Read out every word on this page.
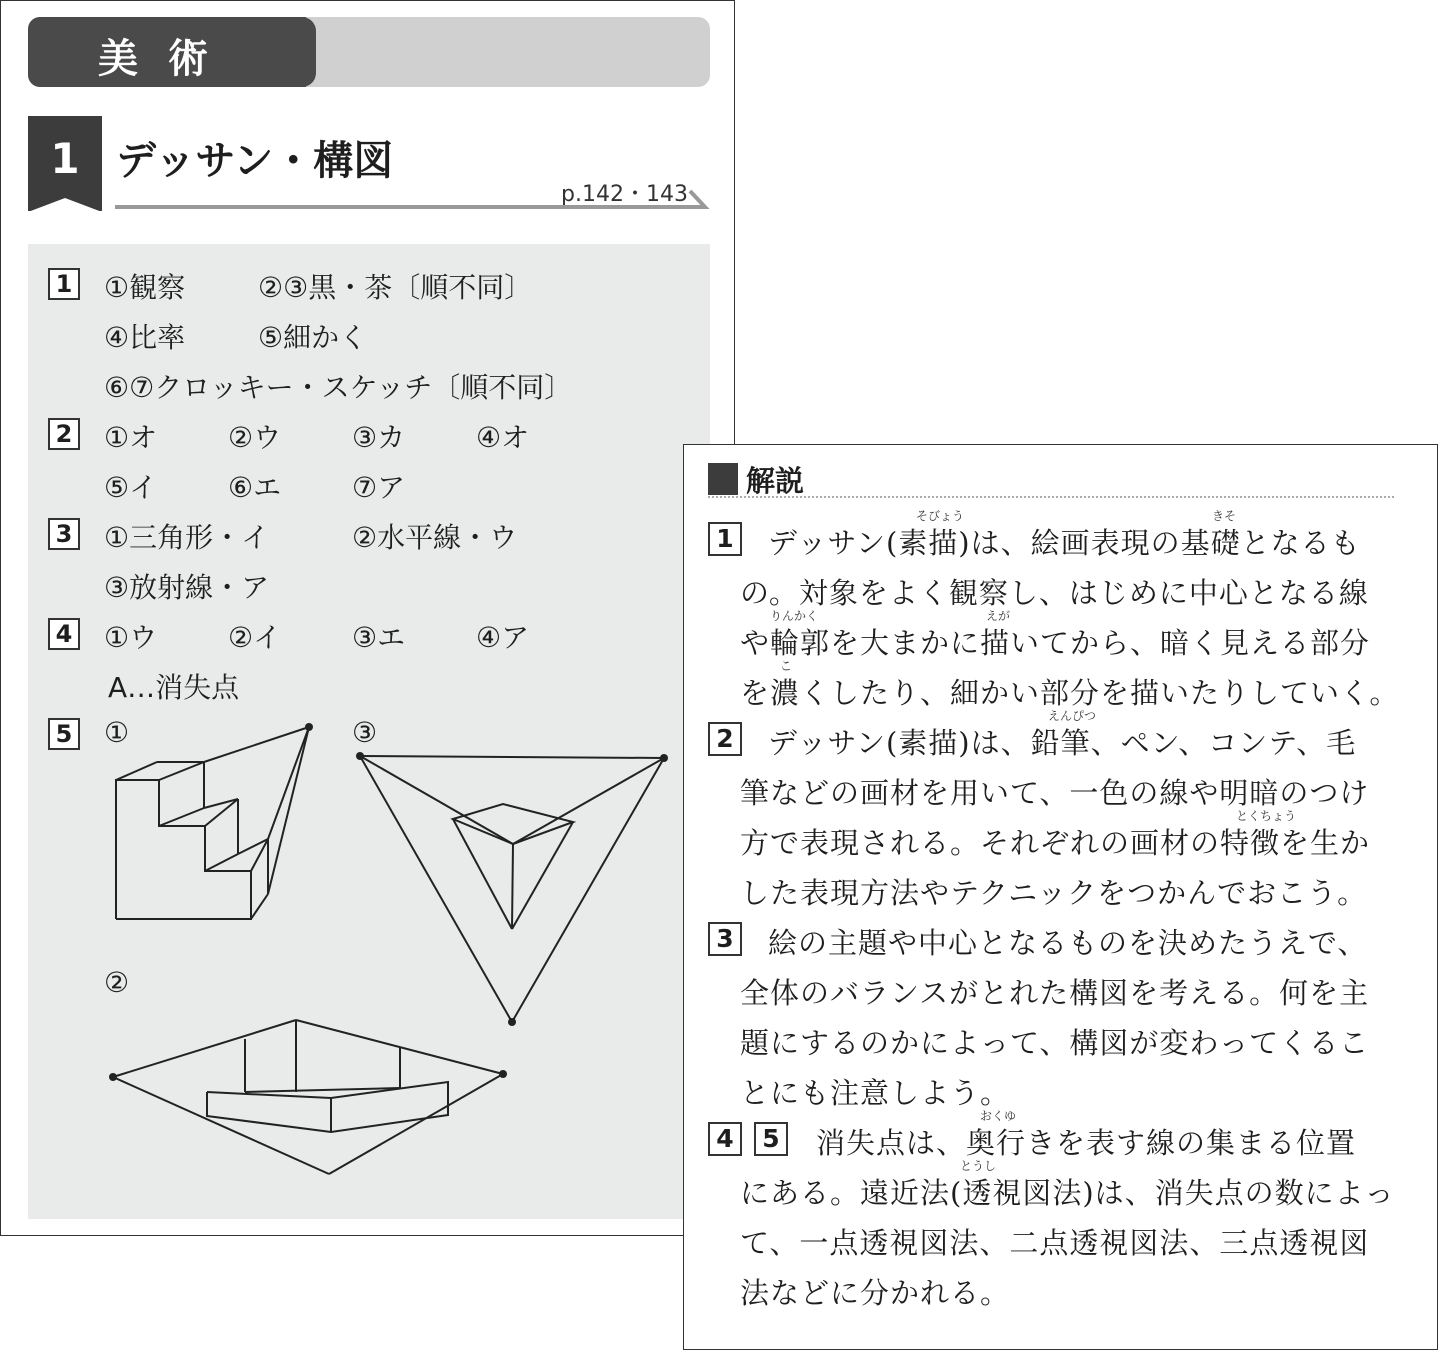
美術
1 デッサン・構図
p.142・143
1 ①観察	②③黒・茶〔順不同〕
④比率	⑤細かく
⑥⑦クロッキー・スケッチ〔順不同〕
2 ①オ	②ウ	③カ	④オ
⑤イ	⑥エ	⑦ア
3 ①三角形・イ	②水平線・ウ
③放射線・ア
4 ①ウ	②イ	③エ	④ア
A…消失点
5 ①	③
②
解説
1
2
3
4	5
デッサン(素描)は、絵画表現の基礎となるも
の。対象をよく観察し、はじめに中心となる線
や輪郭を大まかに描いてから、暗く見える部分
を濃くしたり、細かい部分を描いたりしていく。
デッサン(素描)は、鉛筆、ペン、コンテ、毛
筆などの画材を用いて、一色の線や明暗のつけ
方で表現される。それぞれの画材の特徴を生か
した表現方法やテクニックをつかんでおこう。
絵の主題や中心となるものを決めたうえで、
全体のバランスがとれた構図を考える。何を主
題にするのかによって、構図が変わってくるこ
とにも注意しよう。
消失点は、奥行きを表す線の集まる位置
にある。遠近法(透視図法)は、消失点の数によっ
て、一点透視図法、二点透視図法、三点透視図
法などに分かれる。
そびょう	きそ
りんかく	えが
こ
えんぴつ
とくちょう
おくゆ
とうし
